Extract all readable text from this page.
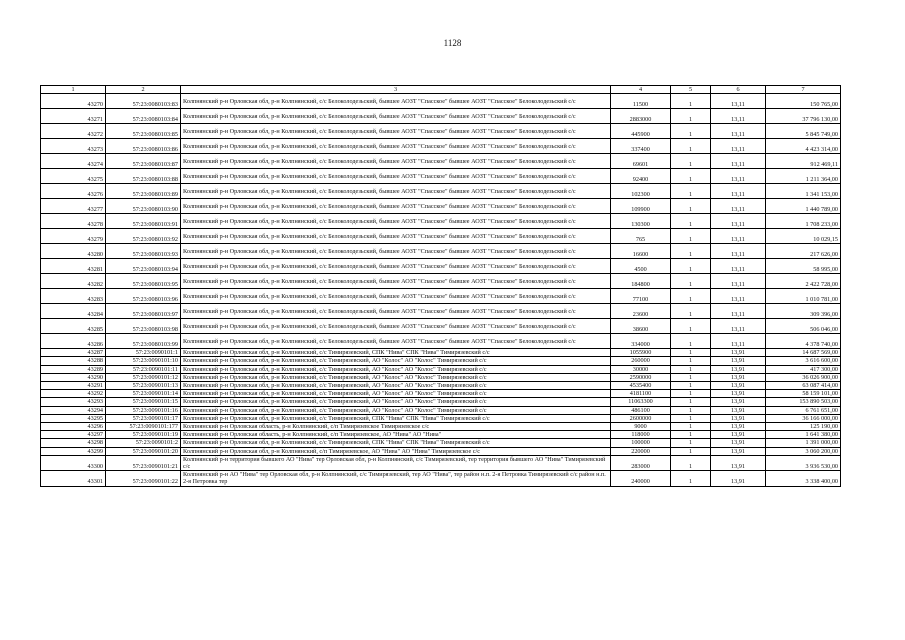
1128
1	2	3	4	5	6	7
43270	57:23:0080103:83	Колпнянский р-н Орловская обл, р-н Колпнянский, с/с Белоколодезьский, бывшее АОЗТ "Спасское" бывшее АОЗТ "Спасское" Белоколодезьский с/с	11500	1	13,11	150 765,00
43271	57:23:0080103:84	Колпнянский р-н Орловская обл, р-н Колпнянский, с/с Белоколодезьский, бывшее АОЗТ "Спасское" бывшее АОЗТ "Спасское" Белоколодезьский с/с	2883000	1	13,11	37 796 130,00
43272	57:23:0080103:85	Колпнянский р-н Орловская обл, р-н Колпнянский, с/с Белоколодезьский, бывшее АОЗТ "Спасское" бывшее АОЗТ "Спасское" Белоколодезьский с/с	445900	1	13,11	5 845 749,00
43273	57:23:0080103:86	Колпнянский р-н Орловская обл, р-н Колпнянский, с/с Белоколодезьский, бывшее АОЗТ "Спасское" бывшее АОЗТ "Спасское" Белоколодезьский с/с	337400	1	13,11	4 423 314,00
43274	57:23:0080103:87	Колпнянский р-н Орловская обл, р-н Колпнянский, с/с Белоколодезьский, бывшее АОЗТ "Спасское" бывшее АОЗТ "Спасское" Белоколодезьский с/с	69601	1	13,11	912 469,11
43275	57:23:0080103:88	Колпнянский р-н Орловская обл, р-н Колпнянский, с/с Белоколодезьский, бывшее АОЗТ "Спасское" бывшее АОЗТ "Спасское" Белоколодезьский с/с	92400	1	13,11	1 211 364,00
43276	57:23:0080103:89	Колпнянский р-н Орловская обл, р-н Колпнянский, с/с Белоколодезьский, бывшее АОЗТ "Спасское" бывшее АОЗТ "Спасское" Белоколодезьский с/с	102300	1	13,11	1 341 153,00
43277	57:23:0080103:90	Колпнянский р-н Орловская обл, р-н Колпнянский, с/с Белоколодезьский, бывшее АОЗТ "Спасское" бывшее АОЗТ "Спасское" Белоколодезьский с/с	109900	1	13,11	1 440 789,00
43278	57:23:0080103:91	Колпнянский р-н Орловская обл, р-н Колпнянский, с/с Белоколодезьский, бывшее АОЗТ "Спасское" бывшее АОЗТ "Спасское" Белоколодезьский с/с	130300	1	13,11	1 708 233,00
43279	57:23:0080103:92	Колпнянский р-н Орловская обл, р-н Колпнянский, с/с Белоколодезьский, бывшее АОЗТ "Спасское" бывшее АОЗТ "Спасское" Белоколодезьский с/с	765	1	13,11	10 029,15
43280	57:23:0080103:93	Колпнянский р-н Орловская обл, р-н Колпнянский, с/с Белоколодезьский, бывшее АОЗТ "Спасское" бывшее АОЗТ "Спасское" Белоколодезьский с/с	16600	1	13,11	217 626,00
43281	57:23:0080103:94	Колпнянский р-н Орловская обл, р-н Колпнянский, с/с Белоколодезьский, бывшее АОЗТ "Спасское" бывшее АОЗТ "Спасское" Белоколодезьский с/с	4500	1	13,11	58 995,00
43282	57:23:0080103:95	Колпнянский р-н Орловская обл, р-н Колпнянский, с/с Белоколодезьский, бывшее АОЗТ "Спасское" бывшее АОЗТ "Спасское" Белоколодезьский с/с	184800	1	13,11	2 422 728,00
43283	57:23:0080103:96	Колпнянский р-н Орловская обл, р-н Колпнянский, с/с Белоколодезьский, бывшее АОЗТ "Спасское" бывшее АОЗТ "Спасское" Белоколодезьский с/с	77100	1	13,11	1 010 781,00
43284	57:23:0080103:97	Колпнянский р-н Орловская обл, р-н Колпнянский, с/с Белоколодезьский, бывшее АОЗТ "Спасское" бывшее АОЗТ "Спасское" Белоколодезьский с/с	23600	1	13,11	309 396,00
43285	57:23:0080103:98	Колпнянский р-н Орловская обл, р-н Колпнянский, с/с Белоколодезьский, бывшее АОЗТ "Спасское" бывшее АОЗТ "Спасское" Белоколодезьский с/с	38600	1	13,11	506 046,00
43286	57:23:0080103:99	Колпнянский р-н Орловская обл, р-н Колпнянский, с/с Белоколодезьский, бывшее АОЗТ "Спасское" бывшее АОЗТ "Спасское" Белоколодезьский с/с	334000	1	13,11	4 378 740,00
43287	57:23:0090101:1	Колпнянский р-н Орловская обл, р-н Колпнянский, с/с Тимирязевский, СПК "Нива" СПК "Нива" Тимирязевский с/с	1055900	1	13,91	14 687 569,00
43288	57:23:0090101:10	Колпнянский р-н Орловская обл, р-н Колпнянский, с/с Тимирязевский, АО "Колос" АО "Колос" Тимирязевский с/с	260000	1	13,91	3 616 600,00
43289	57:23:0090101:11	Колпнянский р-н Орловская обл, р-н Колпнянский, с/с Тимирязевский, АО "Колос" АО "Колос" Тимирязевский с/с	30000	1	13,91	417 300,00
43290	57:23:0090101:12	Колпнянский р-н Орловская обл, р-н Колпнянский, с/с Тимирязевский, АО "Колос" АО "Колос" Тимирязевский с/с	2590000	1	13,91	36 026 900,00
43291	57:23:0090101:13	Колпнянский р-н Орловская обл, р-н Колпнянский, с/с Тимирязевский, АО "Колос" АО "Колос" Тимирязевский с/с	4535400	1	13,91	63 087 414,00
43292	57:23:0090101:14	Колпнянский р-н Орловская обл, р-н Колпнянский, с/с Тимирязевский, АО "Колос" АО "Колос" Тимирязевский с/с	4181100	1	13,91	58 159 101,00
43293	57:23:0090101:15	Колпнянский р-н Орловская обл, р-н Колпнянский, с/с Тимирязевский, АО "Колос" АО "Колос" Тимирязевский с/с	11063300	1	13,91	153 890 503,00
43294	57:23:0090101:16	Колпнянский р-н Орловская обл, р-н Колпнянский, с/с Тимирязевский, АО "Колос" АО "Колос" Тимирязевский с/с	486100	1	13,91	6 761 651,00
43295	57:23:0090101:17	Колпнянский р-н Орловская обл, р-н Колпнянский, с/с Тимирязевский, СПК "Нива" СПК "Нива" Тимирязевский с/с	2600000	1	13,91	36 166 000,00
43296	57:23:0090101:177	Колпнянский р-н Орловская область, р-н Колпнянский, с/п Тимирязевское Тимирязевское с/с	9000	1	13,91	125 190,00
43297	57:23:0090101:19	Колпнянский р-н Орловская область, р-н Колпнянский, с/п Тимирязевское, АО "Нива" АО "Нива"	118000	1	13,91	1 641 380,00
43298	57:23:0090101:2	Колпнянский р-н Орловская обл, р-н Колпнянский, с/с Тимирязевский, СПК "Нива" СПК "Нива" Тимирязевский с/с	100000	1	13,91	1 391 000,00
43299	57:23:0090101:20	Колпнянский р-н Орловская обл, р-н Колпнянский, с/п Тимирязевское, АО "Нива" АО "Нива" Тимирязевское с/с	220000	1	13,91	3 060 200,00
43300	57:23:0090101:21	Колпнянский р-н территория бывшего АО "Нива" тер Орловская обл, р-н Колпнянский, с/с Тимирязевский, тер территория бывшего АО "Нива" Тимирязевский с/с	283000	1	13,91	3 936 530,00
43301	57:23:0090101:22	Колпнянский р-н АО "Нива" тер Орловская обл, р-н Колпнянский, с/с Тимирязевский, тер АО "Нива", тер район н.п. 2-я Петровка Тимирязевский с/с район н.п. 2-я Петровка тер	240000	1	13,91	3 338 400,00
